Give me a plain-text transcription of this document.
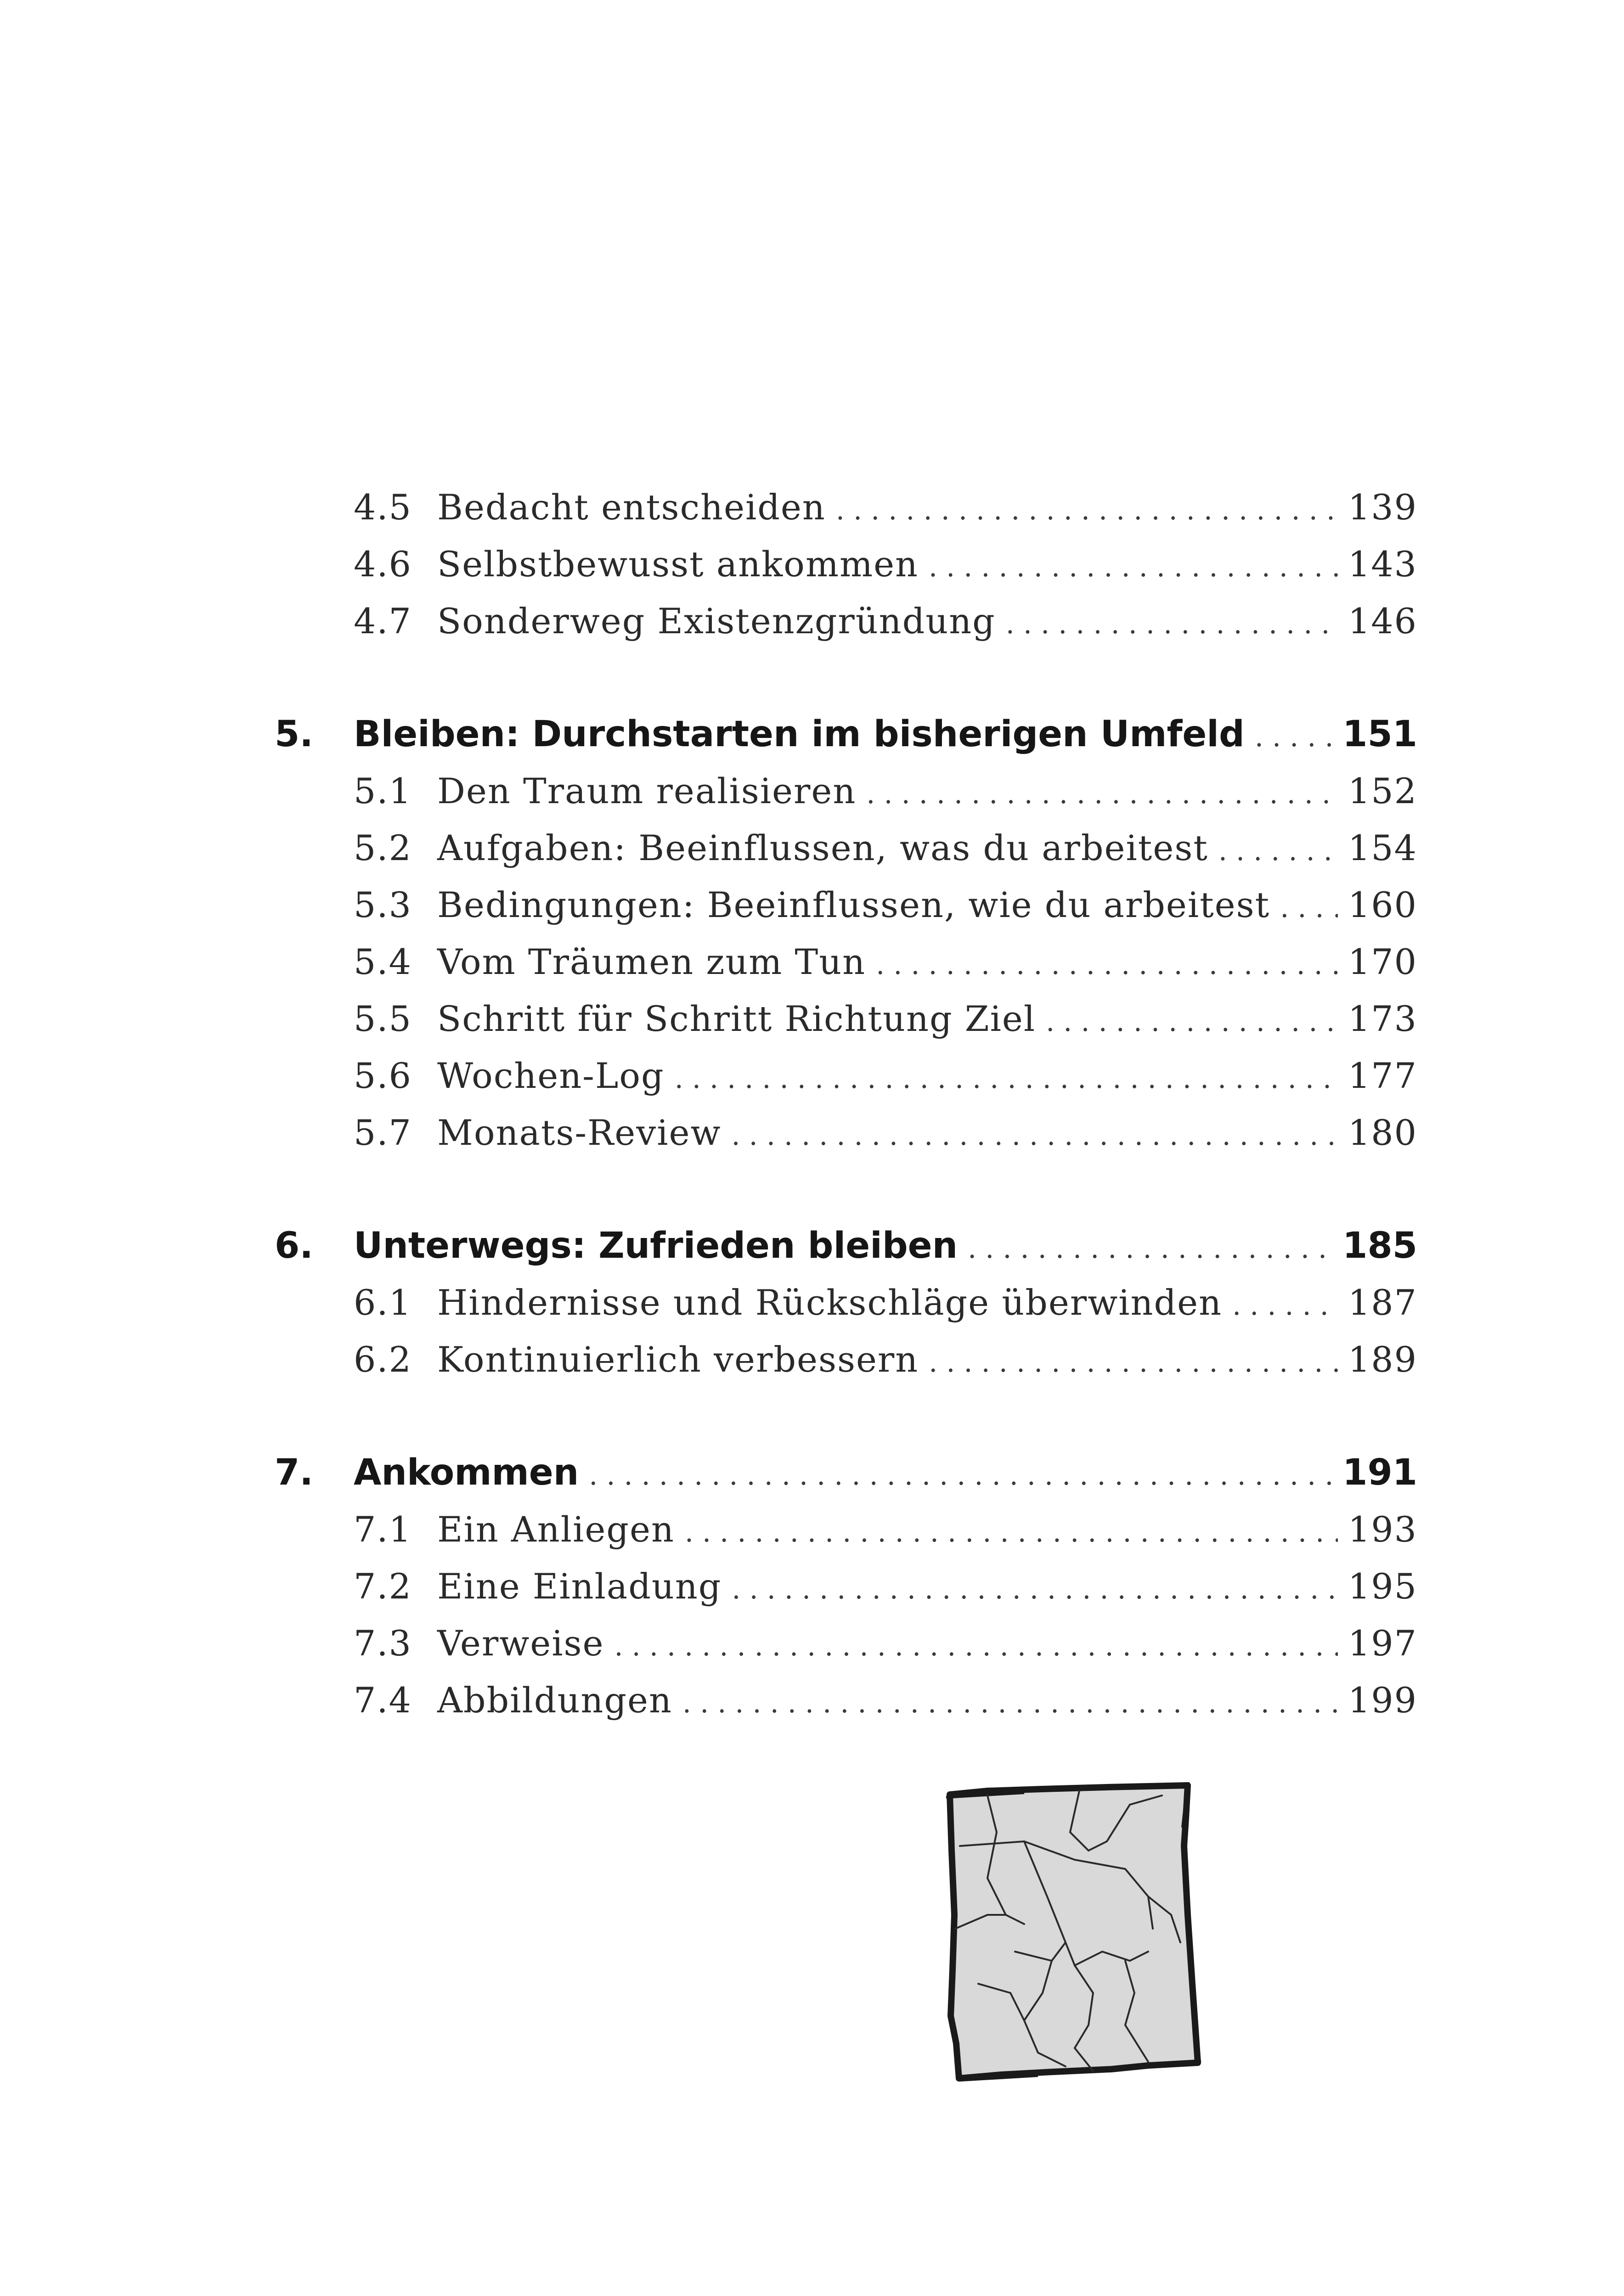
4.5 Bedacht entscheiden . . .	139
4.6 Selbstbewusst ankommen . . .	143
4.7 Sonderweg Existenzgründung . . .	146
5.	Bleiben: Durchstarten im bisherigen Umfeld . . .	151
5.1 Den Traum realisieren . . .	152
5.2 Aufgaben: Beeinflussen, was du arbeitest . . .	154
5.3 Bedingungen: Beeinflussen, wie du arbeitest . . . 160
5.4 Vom Träumen zum Tun . . .	170
5.5 Schritt für Schritt Richtung Ziel . . .	173
5.6 Wochen-Log . . .	177
5.7 Monats-Review . . .	180
6.	Unterwegs: Zufrieden bleiben . . .	185
6.1 Hindernisse und Rückschläge überwinden . . .	187
6.2 Kontinuierlich verbessern . . .	189
7.	Ankommen . . .	191
7.1 Ein Anliegen . . .	193
7.2 Eine Einladung . . .	195
7.3 Verweise . . .	197
7.4 Abbildungen . . .	199
